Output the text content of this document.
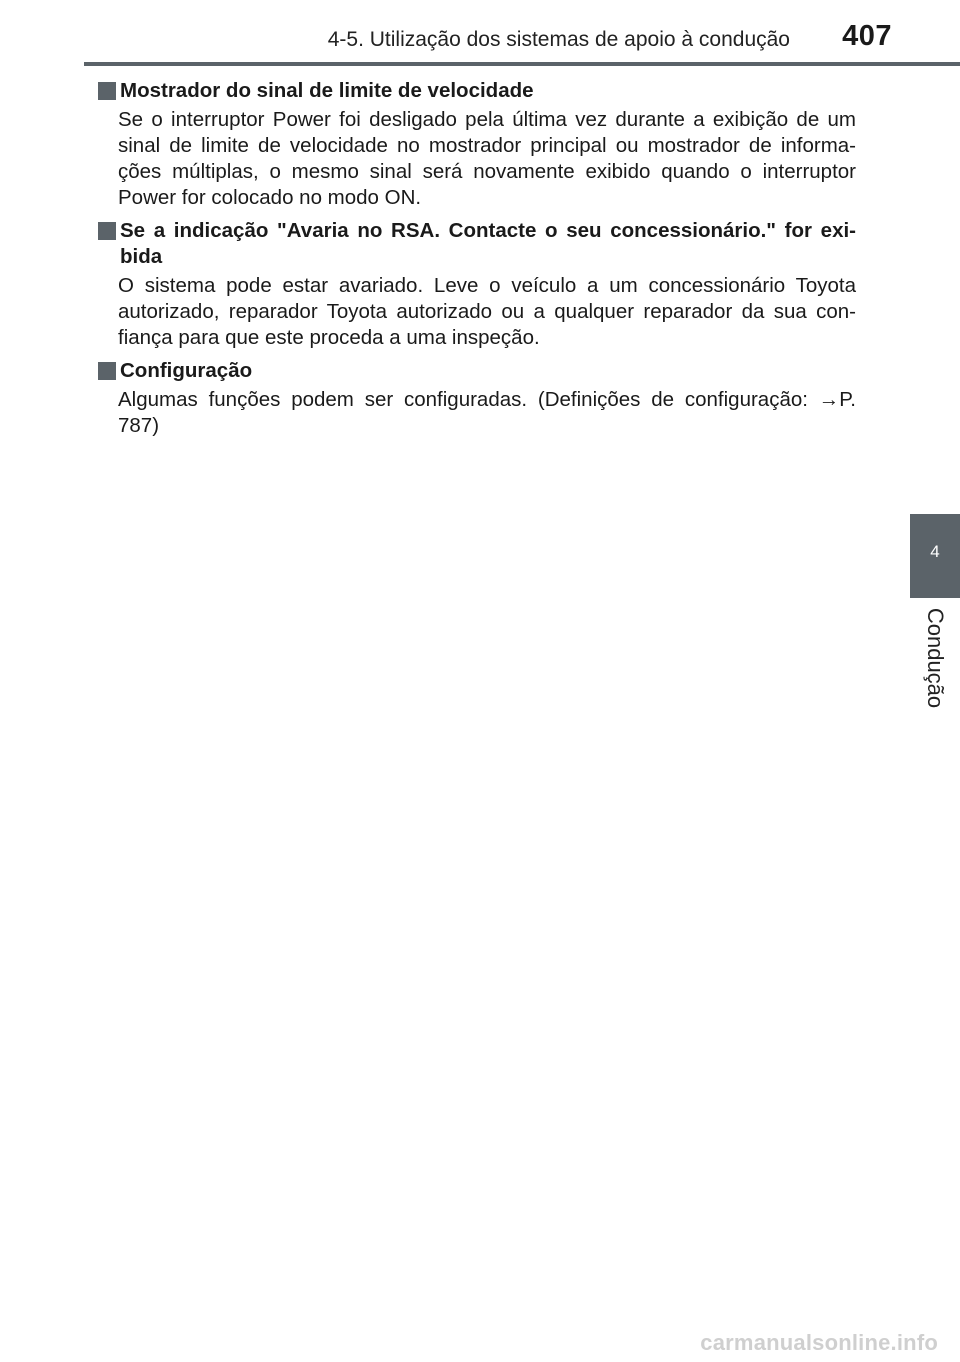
4-5. Utilização dos sistemas de apoio à condução 407
4
Condução
Mostrador do sinal de limite de velocidade
Se o interruptor Power foi desligado pela última vez durante a exibição de um sinal de limite de velocidade no mostrador principal ou mostrador de informa-ções múltiplas, o mesmo sinal será novamente exibido quando o interruptor Power for colocado no modo ON.
Se a indicação "Avaria no RSA. Contacte o seu concessionário." for exi-bida
O sistema pode estar avariado. Leve o veículo a um concessionário Toyota autorizado, reparador Toyota autorizado ou a qualquer reparador da sua con-fiança para que este proceda a uma inspeção.
Configuração
Algumas funções podem ser configuradas. (Definições de configuração: →P. 787)
carmanualsonline.info
